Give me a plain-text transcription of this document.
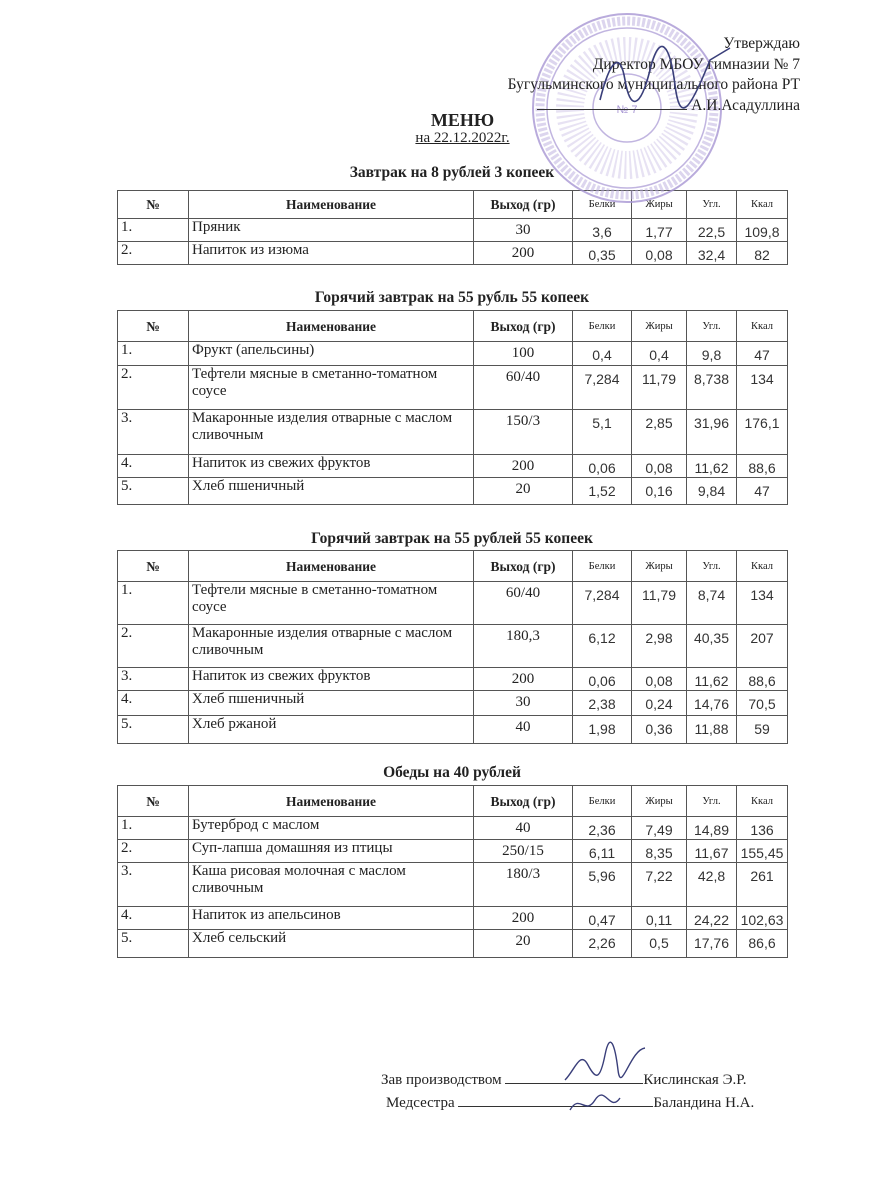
№ 7
Утверждаю
Директор МБОУ гимназии № 7
Бугульминского муниципального района РТ
А.И.Асадуллина
МЕНЮ
на 22.12.2022г.
Завтрак на 8 рублей 3 копеек
№	Наименование	Выход (гр)	Белки	Жиры	Угл.	Ккал
1.	Пряник	30	3,6	1,77	22,5	109,8
2.	Напиток из изюма	200	0,35	0,08	32,4	82
Горячий завтрак на 55 рубль 55 копеек
№	Наименование	Выход (гр)	Белки	Жиры	Угл.	Ккал
1.	Фрукт (апельсины)	100	0,4	0,4	9,8	47
2.	Тефтели мясные в сметанно-томатном соусе	60/40	7,284	11,79	8,738	134
3.	Макаронные изделия отварные с маслом сливочным	150/3	5,1	2,85	31,96	176,1
4.	Напиток из свежих фруктов	200	0,06	0,08	11,62	88,6
5.	Хлеб пшеничный	20	1,52	0,16	9,84	47
Горячий завтрак на 55 рублей 55 копеек
№	Наименование	Выход (гр)	Белки	Жиры	Угл.	Ккал
1.	Тефтели мясные в сметанно-томатном соусе	60/40	7,284	11,79	8,74	134
2.	Макаронные изделия отварные с маслом сливочным	180,3	6,12	2,98	40,35	207
3.	Напиток из свежих фруктов	200	0,06	0,08	11,62	88,6
4.	Хлеб пшеничный	30	2,38	0,24	14,76	70,5
5.	Хлеб ржаной	40	1,98	0,36	11,88	59
Обеды на 40 рублей
№	Наименование	Выход (гр)	Белки	Жиры	Угл.	Ккал
1.	Бутерброд с маслом	40	2,36	7,49	14,89	136
2.	Суп-лапша домашняя из птицы	250/15	6,11	8,35	11,67	155,45
3.	Каша рисовая молочная с маслом сливочным	180/3	5,96	7,22	42,8	261
4.	Напиток из апельсинов	200	0,47	0,11	24,22	102,63
5.	Хлеб сельский	20	2,26	0,5	17,76	86,6
Зав производством	Кислинская Э.Р.
Медсестра	Баландина Н.А.
